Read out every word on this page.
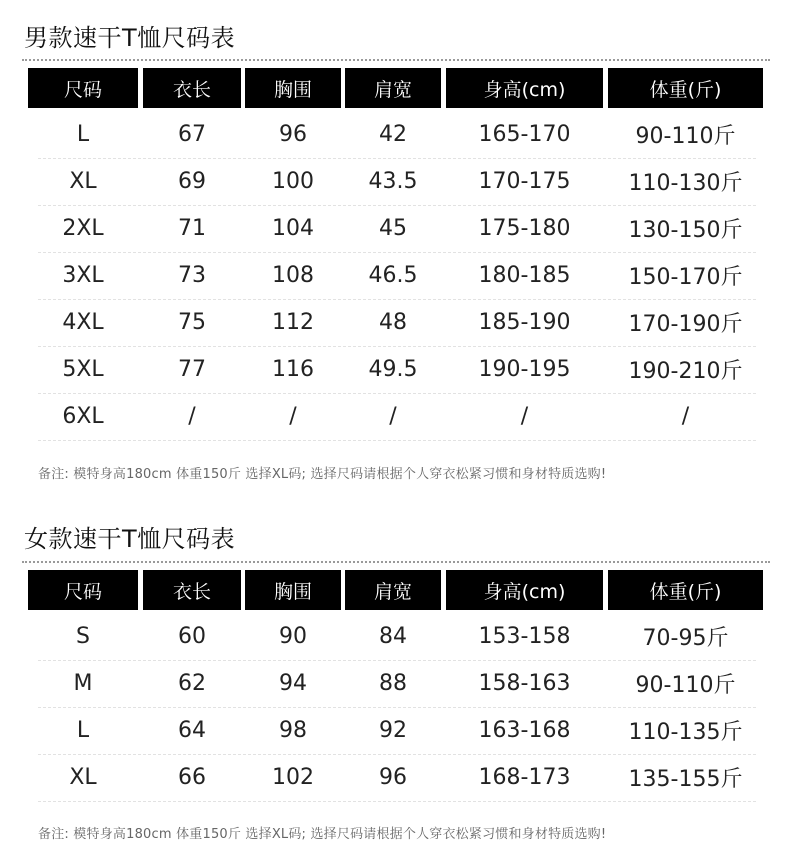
男款速干T恤尺码表
尺码	衣长	胸围	肩宽	身高(cm)	体重(斤)
L	67	96	42	165-170	90-110斤
XL	69	100	43.5	170-175	110-130斤
2XL	71	104	45	175-180	130-150斤
3XL	73	108	46.5	180-185	150-170斤
4XL	75	112	48	185-190	170-190斤
5XL	77	116	49.5	190-195	190-210斤
6XL	/	/	/	/	/
备注: 模特身高180cm 体重150斤 选择XL码; 选择尺码请根据个人穿衣松紧习惯和身材特质选购!
女款速干T恤尺码表
尺码	衣长	胸围	肩宽	身高(cm)	体重(斤)
S	60	90	84	153-158	70-95斤
M	62	94	88	158-163	90-110斤
L	64	98	92	163-168	110-135斤
XL	66	102	96	168-173	135-155斤
备注: 模特身高180cm 体重150斤 选择XL码; 选择尺码请根据个人穿衣松紧习惯和身材特质选购!
